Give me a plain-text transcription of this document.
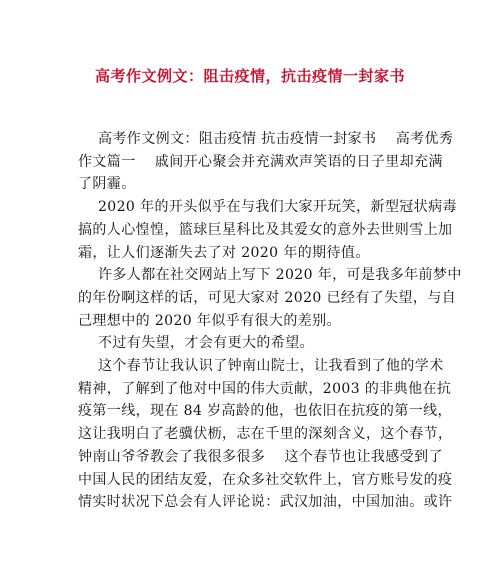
高考作文例文：阻击疫情，抗击疫情一封家书

高考作文例文：阻击疫情 抗击疫情一封家书　 高考优秀
作文篇一　 戚间开心聚会并充满欢声笑语的日子里却充满
了阴霾。

2020 年的开头似乎在与我们大家开玩笑，新型冠状病毒
搞的人心惶惶，篮球巨星科比及其爱女的意外去世则雪上加
霜，让人们逐渐失去了对 2020 年的期待值。

许多人都在社交网站上写下 2020 年，可是我多年前梦中
的年份啊这样的话，可见大家对 2020 已经有了失望，与自
己理想中的 2020 年似乎有很大的差别。

不过有失望，才会有更大的希望。

这个春节让我认识了钟南山院士，让我看到了他的学术
精神，了解到了他对中国的伟大贡献，2003 的非典他在抗
疫第一线，现在 84 岁高龄的他，也依旧在抗疫的第一线，
这让我明白了老骥伏枥，志在千里的深刻含义，这个春节，
钟南山爷爷教会了我很多很多　 这个春节也让我感受到了
中国人民的团结友爱，在众多社交软件上，官方账号发的疫
情实时状况下总会有人评论说：武汉加油，中国加油。或许
